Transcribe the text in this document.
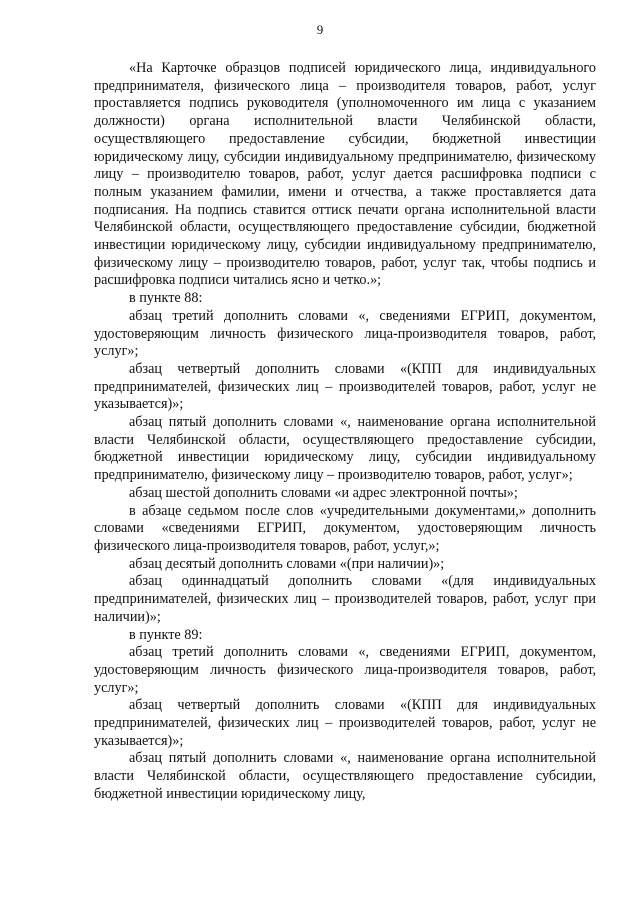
9

«На Карточке образцов подписей юридического лица, индивидуального предпринимателя, физического лица – производителя товаров, работ, услуг проставляется подпись руководителя (уполномоченного им лица с указанием должности) органа исполнительной власти Челябинской области, осуществляющего предоставление субсидии, бюджетной инвестиции юридическому лицу, субсидии индивидуальному предпринимателю, физическому лицу – производителю товаров, работ, услуг дается расшифровка подписи с полным указанием фамилии, имени и отчества, а также проставляется дата подписания. На подпись ставится оттиск печати органа исполнительной власти Челябинской области, осуществляющего предоставление субсидии, бюджетной инвестиции юридическому лицу, субсидии индивидуальному предпринимателю, физическому лицу – производителю товаров, работ, услуг так, чтобы подпись и расшифровка подписи читались ясно и четко.»;

в пункте 88:

абзац третий дополнить словами «, сведениями ЕГРИП, документом, удостоверяющим личность физического лица-производителя товаров, работ, услуг»;

абзац четвертый дополнить словами «(КПП для индивидуальных предпринимателей, физических лиц – производителей товаров, работ, услуг не указывается)»;

абзац пятый дополнить словами «, наименование органа исполнительной власти Челябинской области, осуществляющего предоставление субсидии, бюджетной инвестиции юридическому лицу, субсидии индивидуальному предпринимателю, физическому лицу – производителю товаров, работ, услуг»;

абзац шестой дополнить словами «и адрес электронной почты»;

в абзаце седьмом после слов «учредительными документами,» дополнить словами «сведениями ЕГРИП, документом, удостоверяющим личность физического лица-производителя товаров, работ, услуг,»;

абзац десятый дополнить словами «(при наличии)»;

абзац одиннадцатый дополнить словами «(для индивидуальных предпринимателей, физических лиц – производителей товаров, работ, услуг при наличии)»;

в пункте 89:

абзац третий дополнить словами «, сведениями ЕГРИП, документом, удостоверяющим личность физического лица-производителя товаров, работ, услуг»;

абзац четвертый дополнить словами «(КПП для индивидуальных предпринимателей, физических лиц – производителей товаров, работ, услуг не указывается)»;

абзац пятый дополнить словами «, наименование органа исполнительной власти Челябинской области, осуществляющего предоставление субсидии, бюджетной инвестиции юридическому лицу,
